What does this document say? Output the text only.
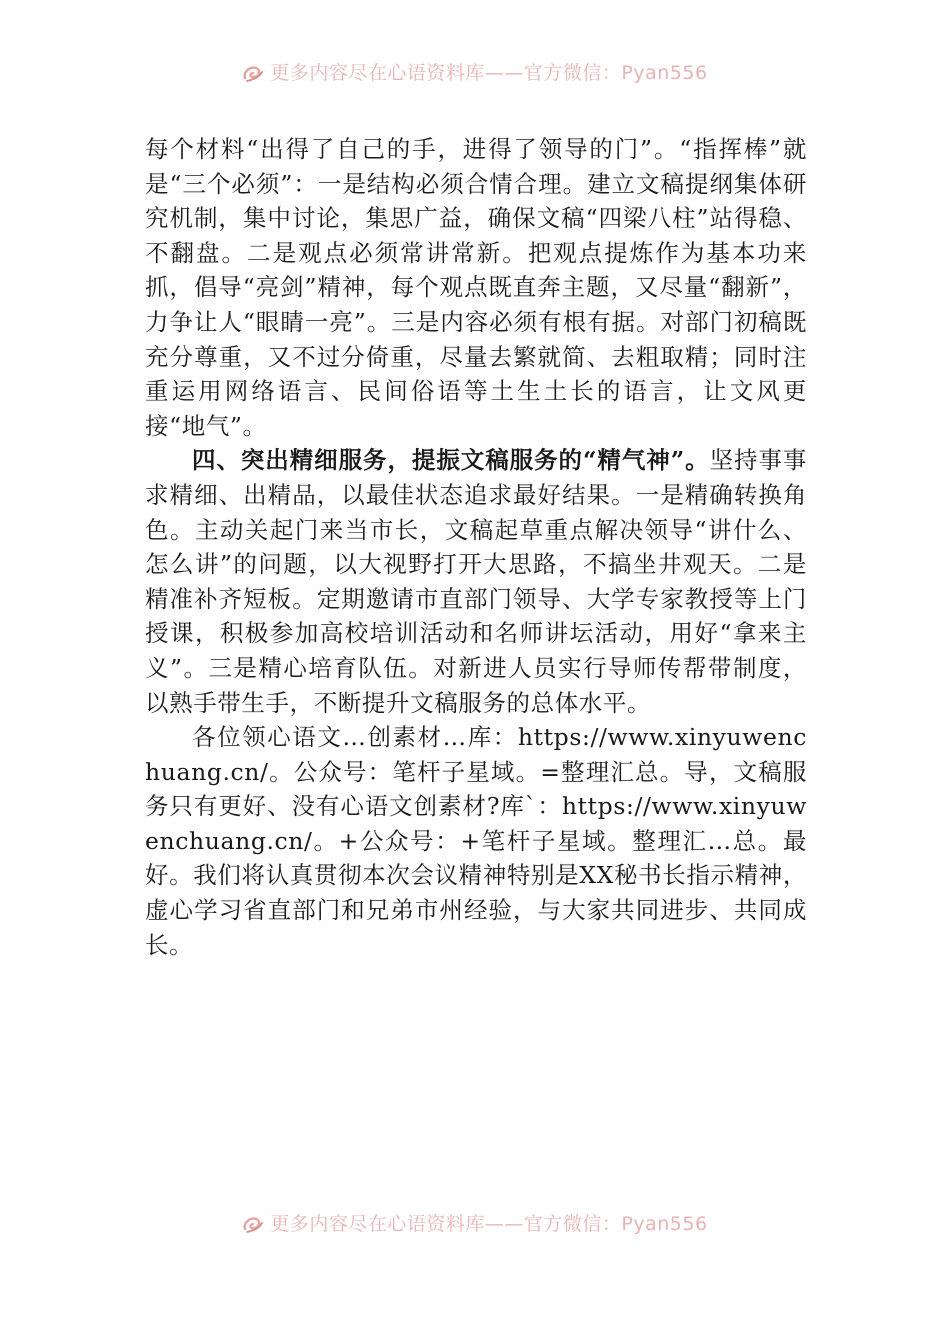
更多内容尽在心语资料库——官方微信：Pyan556

每个材料“出得了自己的手，进得了领导的门”。“指挥棒”就是“三个必须”：一是结构必须合情合理。建立文稿提纲集体研究机制，集中讨论，集思广益，确保文稿“四梁八柱”站得稳、不翻盘。二是观点必须常讲常新。把观点提炼作为基本功来抓，倡导“亮剑”精神，每个观点既直奔主题，又尽量“翻新”，力争让人“眼睛一亮”。三是内容必须有根有据。对部门初稿既充分尊重，又不过分倚重，尽量去繁就简、去粗取精；同时注重运用网络语言、民间俗语等土生土长的语言，让文风更接“地气”。

四、突出精细服务，提振文稿服务的“精气神”。坚持事事求精细、出精品，以最佳状态追求最好结果。一是精确转换角色。主动关起门来当市长，文稿起草重点解决领导“讲什么、怎么讲”的问题，以大视野打开大思路，不搞坐井观天。二是精准补齐短板。定期邀请市直部门领导、大学专家教授等上门授课，积极参加高校培训活动和名师讲坛活动，用好“拿来主义”。三是精心培育队伍。对新进人员实行导师传帮带制度，以熟手带生手，不断提升文稿服务的总体水平。

各位领心语文…创素材…库：https://www.xinyuwenchuang.cn/。公众号：笔杆子星域。=整理汇总。导，文稿服务只有更好、没有心语文创素材?库`：https://www.xinyuwenchuang.cn/。+公众号：+笔杆子星域。整理汇…总。最好。我们将认真贯彻本次会议精神特别是XX秘书长指示精神，虚心学习省直部门和兄弟市州经验，与大家共同进步、共同成长。

更多内容尽在心语资料库——官方微信：Pyan556
